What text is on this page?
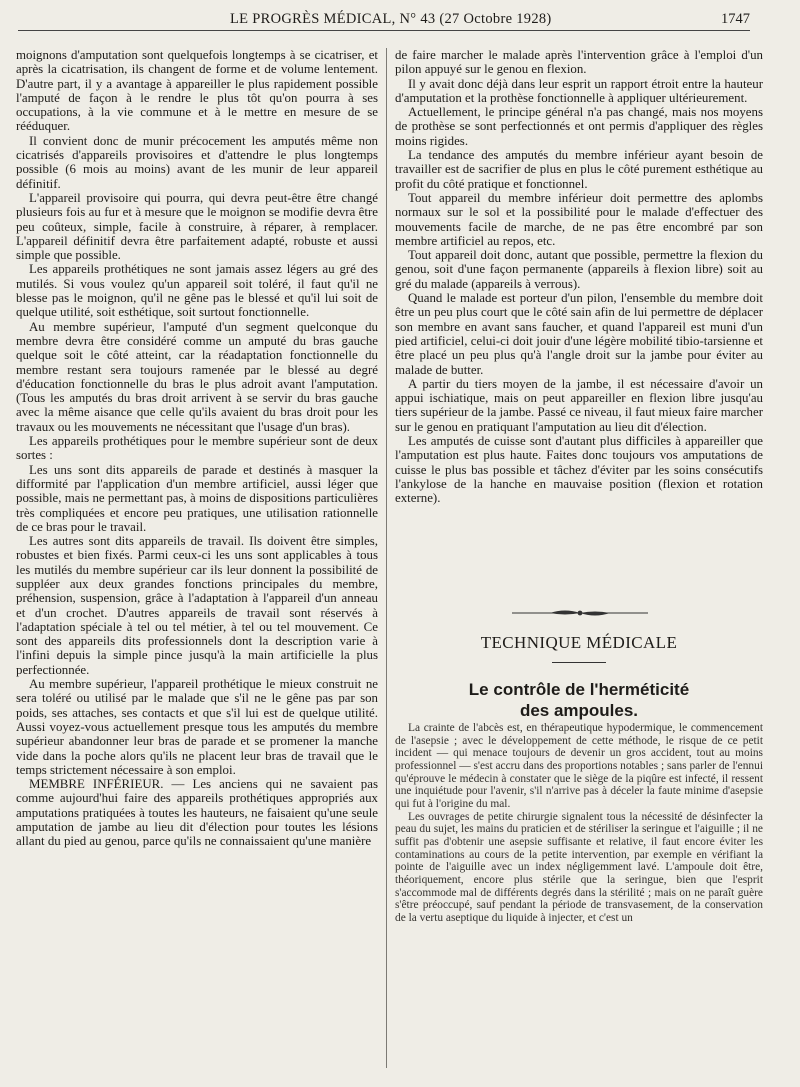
LE PROGRÈS MÉDICAL, N° 43 (27 Octobre 1928)	1747

moignons d'amputation sont quelquefois longtemps à se cicatriser, et après la cicatrisation, ils changent de forme et de volume lentement. D'autre part, il y a avantage à appareiller le plus rapidement possible l'amputé de façon à le rendre le plus tôt qu'on pourra à ses occupations, à la vie commune et à le mettre en mesure de se rééduquer.

Il convient donc de munir précocement les amputés même non cicatrisés d'appareils provisoires et d'attendre le plus longtemps possible (6 mois au moins) avant de les munir de leur appareil définitif.

L'appareil provisoire qui pourra, qui devra peut-être être changé plusieurs fois au fur et à mesure que le moignon se modifie devra être peu coûteux, simple, facile à construire, à réparer, à remplacer. L'appareil définitif devra être parfaitement adapté, robuste et aussi simple que possible.

Les appareils prothétiques ne sont jamais assez légers au gré des mutilés. Si vous voulez qu'un appareil soit toléré, il faut qu'il ne blesse pas le moignon, qu'il ne gêne pas le blessé et qu'il lui soit de quelque utilité, soit esthétique, soit surtout fonctionnelle.

Au membre supérieur, l'amputé d'un segment quelconque du membre devra être considéré comme un amputé du bras gauche quelque soit le côté atteint, car la réadaptation fonctionnelle du membre restant sera toujours ramenée par le blessé au degré d'éducation fonctionnelle du bras le plus adroit avant l'amputation. (Tous les amputés du bras droit arrivent à se servir du bras gauche avec la même aisance que celle qu'ils avaient du bras droit pour les travaux ou les mouvements ne nécessitant que l'usage d'un bras).

Les appareils prothétiques pour le membre supérieur sont de deux sortes :

Les uns sont dits appareils de parade et destinés à masquer la difformité par l'application d'un membre artificiel, aussi léger que possible, mais ne permettant pas, à moins de dispositions particulières très compliquées et encore peu pratiques, une utilisation rationnelle de ce bras pour le travail.

Les autres sont dits appareils de travail. Ils doivent être simples, robustes et bien fixés. Parmi ceux-ci les uns sont applicables à tous les mutilés du membre supérieur car ils leur donnent la possibilité de suppléer aux deux grandes fonctions principales du membre, préhension, suspension, grâce à l'adaptation à l'appareil d'un anneau et d'un crochet. D'autres appareils de travail sont réservés à l'adaptation spéciale à tel ou tel métier, à tel ou tel mouvement. Ce sont des appareils dits professionnels dont la description varie à l'infini depuis la simple pince jusqu'à la main artificielle la plus perfectionnée.

Au membre supérieur, l'appareil prothétique le mieux construit ne sera toléré ou utilisé par le malade que s'il ne le gêne pas par son poids, ses attaches, ses contacts et que s'il lui est de quelque utilité. Aussi voyez-vous actuellement presque tous les amputés du membre supérieur abandonner leur bras de parade et se promener la manche vide dans la poche alors qu'ils ne placent leur bras de travail que le temps strictement nécessaire à son emploi.

MEMBRE INFÉRIEUR. — Les anciens qui ne savaient pas comme aujourd'hui faire des appareils prothétiques appropriés aux amputations pratiquées à toutes les hauteurs, ne faisaient qu'une seule amputation de jambe au lieu dit d'élection pour toutes les lésions allant du pied au genou, parce qu'ils ne connaissaient qu'une manière

de faire marcher le malade après l'intervention grâce à l'emploi d'un pilon appuyé sur le genou en flexion.

Il y avait donc déjà dans leur esprit un rapport étroit entre la hauteur d'amputation et la prothèse fonctionnelle à appliquer ultérieurement.

Actuellement, le principe général n'a pas changé, mais nos moyens de prothèse se sont perfectionnés et ont permis d'appliquer des règles moins rigides.

La tendance des amputés du membre inférieur ayant besoin de travailler est de sacrifier de plus en plus le côté purement esthétique au profit du côté pratique et fonctionnel.

Tout appareil du membre inférieur doit permettre des aplombs normaux sur le sol et la possibilité pour le malade d'effectuer des mouvements facile de marche, de ne pas être encombré par son membre artificiel au repos, etc.

Tout appareil doit donc, autant que possible, permettre la flexion du genou, soit d'une façon permanente (appareils à flexion libre) soit au gré du malade (appareils à verrous).

Quand le malade est porteur d'un pilon, l'ensemble du membre doit être un peu plus court que le côté sain afin de lui permettre de déplacer son membre en avant sans faucher, et quand l'appareil est muni d'un pied artificiel, celui-ci doit jouir d'une légère mobilité tibio-tarsienne et être placé un peu plus qu'à l'angle droit sur la jambe pour éviter au malade de butter.

A partir du tiers moyen de la jambe, il est nécessaire d'avoir un appui ischiatique, mais on peut appareiller en flexion libre jusqu'au tiers supérieur de la jambe. Passé ce niveau, il faut mieux faire marcher sur le genou en pratiquant l'amputation au lieu dit d'élection.

Les amputés de cuisse sont d'autant plus difficiles à appareiller que l'amputation est plus haute. Faites donc toujours vos amputations de cuisse le plus bas possible et tâchez d'éviter par les soins consécutifs l'ankylose de la hanche en mauvaise position (flexion et rotation externe).

TECHNIQUE MÉDICALE
Le contrôle de l'herméticité
des ampoules.

La crainte de l'abcès est, en thérapeutique hypodermique, le commencement de l'asepsie ; avec le développement de cette méthode, le risque de ce petit incident — qui menace toujours de devenir un gros accident, tout au moins professionnel — s'est accru dans des proportions notables ; sans parler de l'ennui qu'éprouve le médecin à constater que le siège de la piqûre est infecté, il ressent une inquiétude pour l'avenir, s'il n'arrive pas à déceler la faute minime d'asepsie qui fut à l'origine du mal.

Les ouvrages de petite chirurgie signalent tous la nécessité de désinfecter la peau du sujet, les mains du praticien et de stériliser la seringue et l'aiguille ; il ne suffit pas d'obtenir une asepsie suffisante et relative, il faut encore éviter les contaminations au cours de la petite intervention, par exemple en vérifiant la pointe de l'aiguille avec un index négligemment lavé. L'ampoule doit être, théoriquement, encore plus stérile que la seringue, bien que l'esprit s'accommode mal de différents degrés dans la stérilité ; mais on ne paraît guère s'être préoccupé, sauf pendant la période de transvasement, de la conservation de la vertu aseptique du liquide à injecter, et c'est un
